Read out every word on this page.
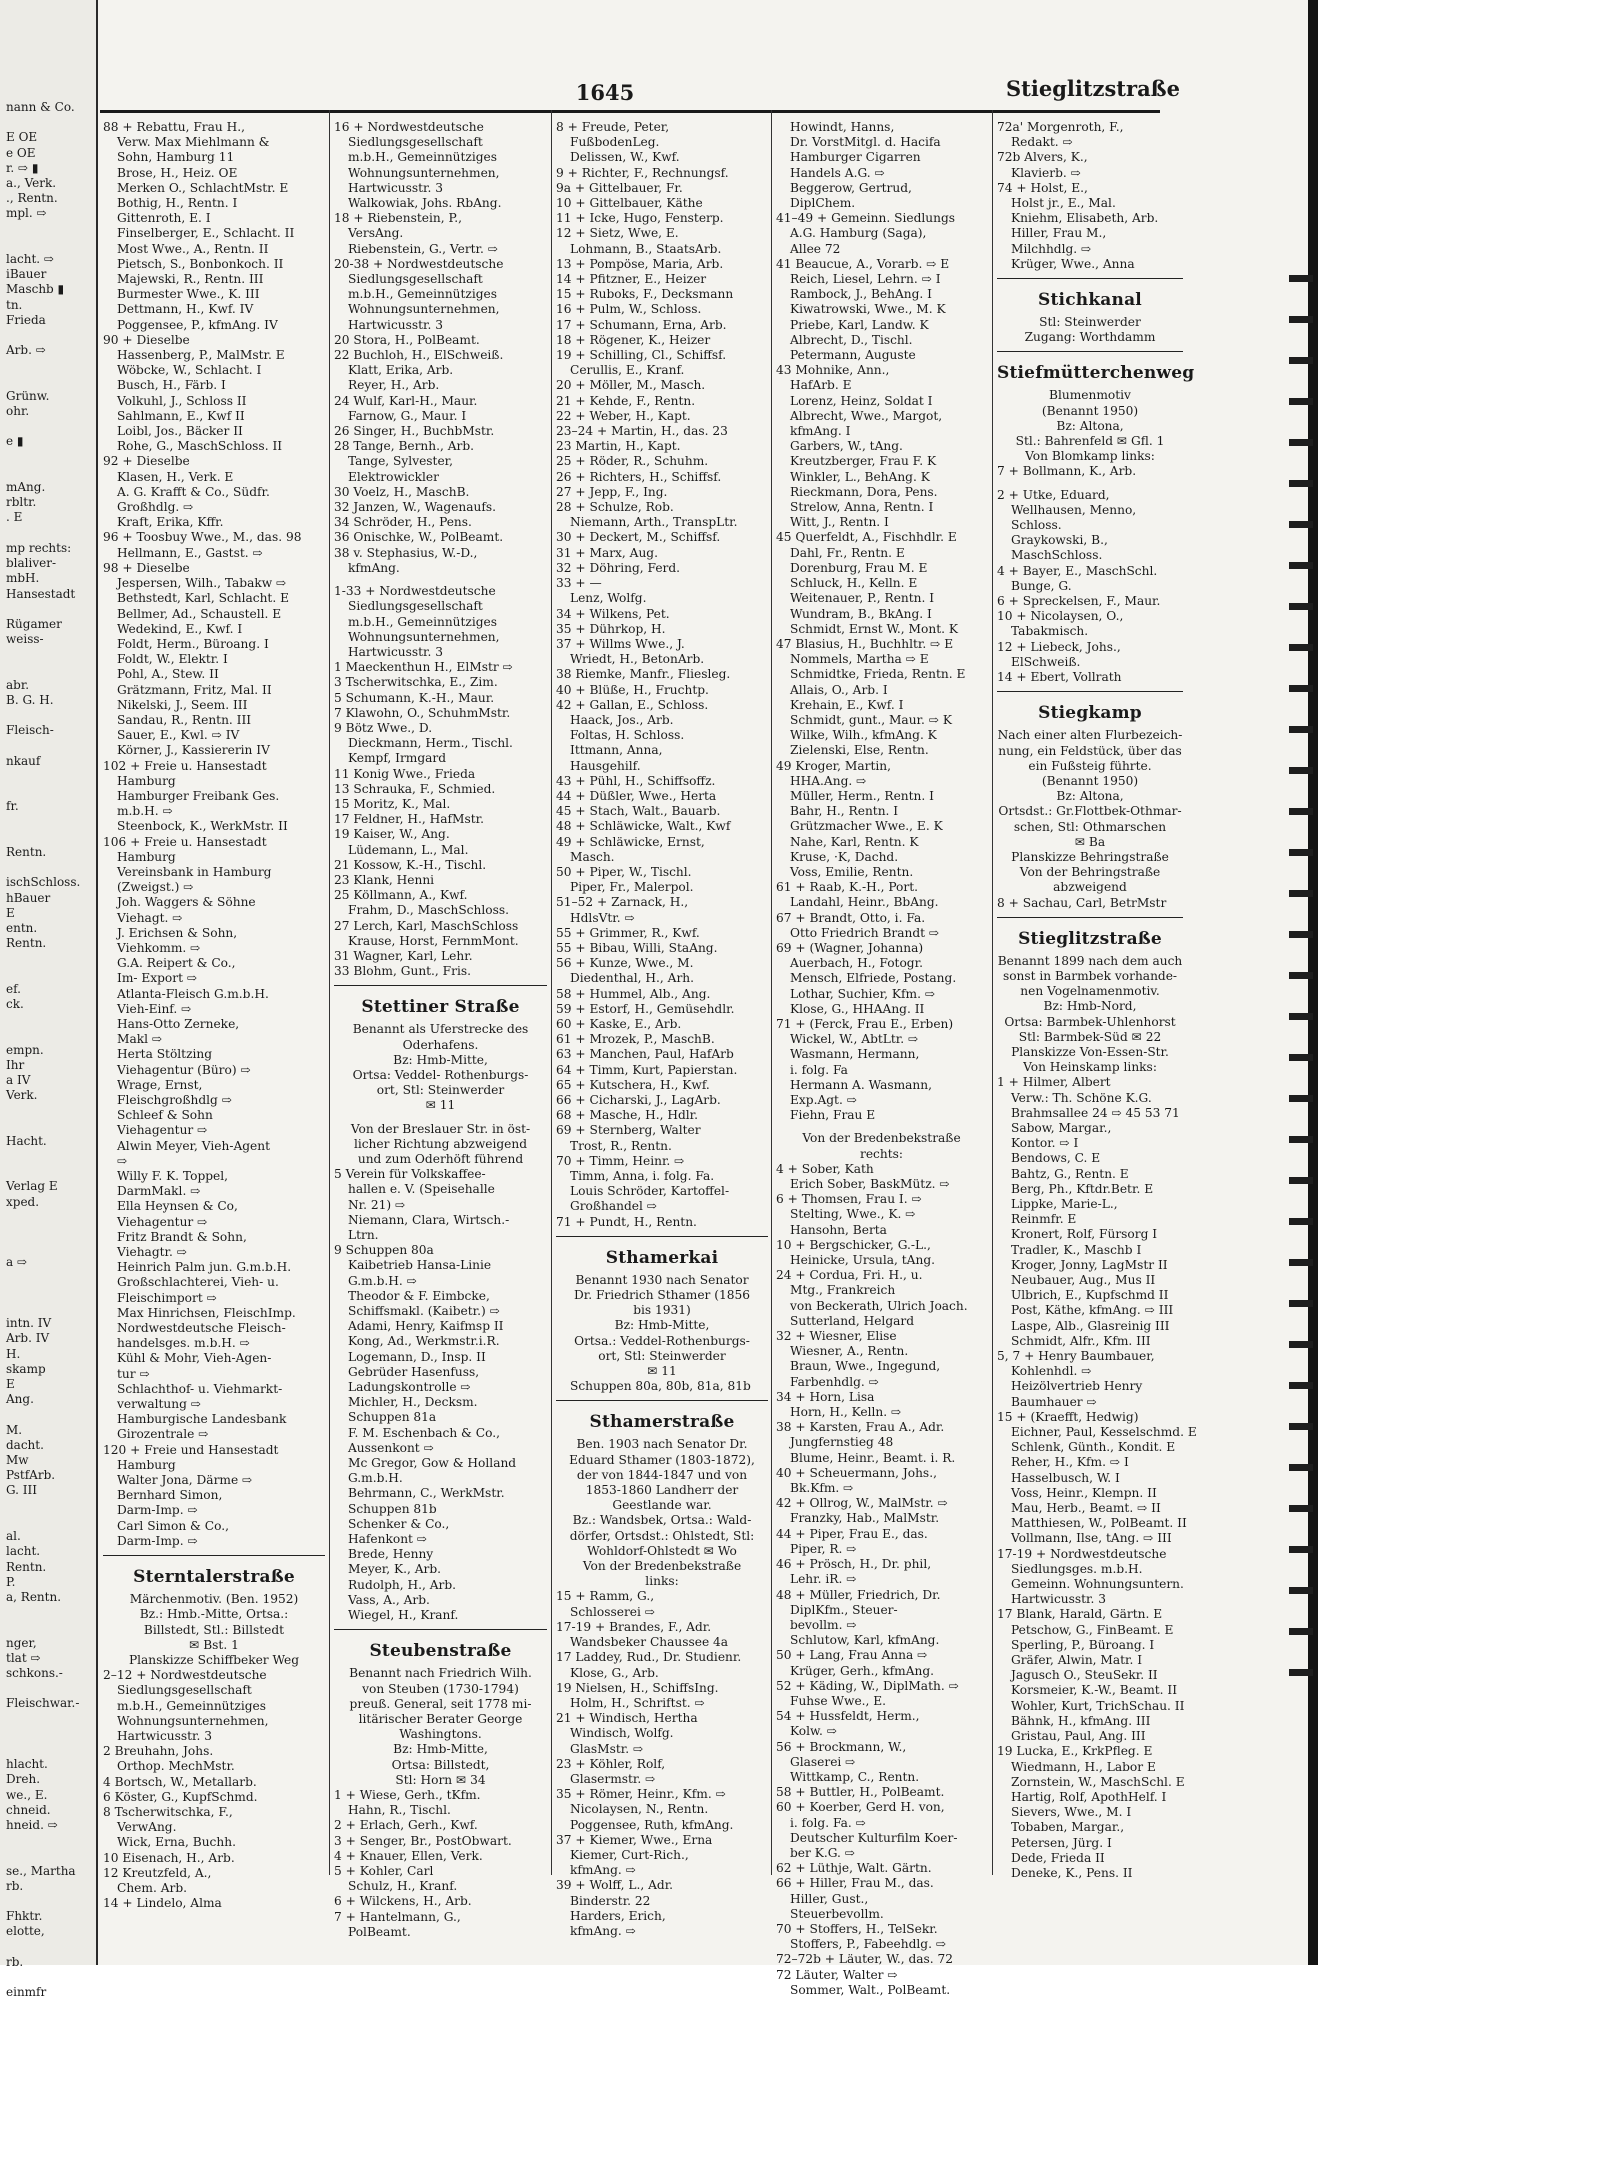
1645	Stieglitzstraße
nann & Co.

E OE
e OE
r. ⇨ ▮
a., Verk.
., Rentn.
mpl. ⇨

lacht. ⇨
iBauer
Maschb ▮
tn.
Frieda

Arb. ⇨

Grünw.
ohr.

e ▮

mAng.
rbltr.
. E

mp rechts:
blaliver-
mbH.
Hansestadt

Rügamer
weiss-

abr.
B. G. H.

Fleisch-

nkauf

fr.

Rentn.

ischSchloss.
hBauer
E
entn.
Rentn.

ef.
ck.

empn.
Ihr
a IV
Verk.

Hacht.

Verlag E
xped.

a ⇨

intn. IV
Arb. IV
H.
skamp
E
Ang.

M.
dacht.
Mw
PstfArb.
G. III

al.
lacht.
Rentn.
P.
a, Rentn.

nger,
tlat ⇨
schkons.-

Fleischwar.-

hlacht.
Dreh.
we., E.
chneid.
hneid. ⇨

se., Martha
rb.

Fhktr.
elotte,

rb.

einmfr
88 + Rebattu, Frau H.,
Verw. Max Miehlmann &
Sohn, Hamburg 11
Brose, H., Heiz. OE
Merken O., SchlachtMstr. E
Bothig, H., Rentn. I
Gittenroth, E. I
Finselberger, E., Schlacht. II
Most Wwe., A., Rentn. II
Pietsch, S., Bonbonkoch. II
Majewski, R., Rentn. III
Burmester Wwe., K. III
Dettmann, H., Kwf. IV
Poggensee, P., kfmAng. IV
90 + Dieselbe
Hassenberg, P., MalMstr. E
Wöbcke, W., Schlacht. I
Busch, H., Färb. I
Volkuhl, J., Schloss II
Sahlmann, E., Kwf II
Loibl, Jos., Bäcker II
Rohe, G., MaschSchloss. II
92 + Dieselbe
Klasen, H., Verk. E
A. G. Krafft & Co., Südfr.
Großhdlg. ⇨
Kraft, Erika, Kffr.
96 + Toosbuy Wwe., M., das. 98
Hellmann, E., Gastst. ⇨
98 + Dieselbe
Jespersen, Wilh., Tabakw ⇨
Bethstedt, Karl, Schlacht. E
Bellmer, Ad., Schaustell. E
Wedekind, E., Kwf. I
Foldt, Herm., Büroang. I
Foldt, W., Elektr. I
Pohl, A., Stew. II
Grätzmann, Fritz, Mal. II
Nikelski, J., Seem. III
Sandau, R., Rentn. III
Sauer, E., Kwl. ⇨ IV
Körner, J., Kassiererin IV
102 + Freie u. Hansestadt
Hamburg
Hamburger Freibank Ges.
m.b.H. ⇨
Steenbock, K., WerkMstr. II
106 + Freie u. Hansestadt
Hamburg
Vereinsbank in Hamburg
(Zweigst.) ⇨
Joh. Waggers & Söhne
Viehagt. ⇨
J. Erichsen & Sohn,
Viehkomm. ⇨
G.A. Reipert & Co.,
Im- Export ⇨
Atlanta-Fleisch G.m.b.H.
Vieh-Einf. ⇨
Hans-Otto Zerneke,
Makl ⇨
Herta Stöltzing
Viehagentur (Büro) ⇨
Wrage, Ernst,
Fleischgroßhdlg ⇨
Schleef & Sohn
Viehagentur ⇨
Alwin Meyer, Vieh-Agent
⇨
Willy F. K. Toppel,
DarmMakl. ⇨
Ella Heynsen & Co,
Viehagentur ⇨
Fritz Brandt & Sohn,
Viehagtr. ⇨
Heinrich Palm jun. G.m.b.H.
Großschlachterei, Vieh- u.
Fleischimport ⇨
Max Hinrichsen, FleischImp.
Nordwestdeutsche Fleisch-
handelsges. m.b.H. ⇨
Kühl & Mohr, Vieh-Agen-
tur ⇨
Schlachthof- u. Viehmarkt-
verwaltung ⇨
Hamburgische Landesbank
Girozentrale ⇨
120 + Freie und Hansestadt
Hamburg
Walter Jona, Därme ⇨
Bernhard Simon,
Darm-Imp. ⇨
Carl Simon & Co.,
Darm-Imp. ⇨
Sterntalerstraße
Märchenmotiv. (Ben. 1952)
Bz.: Hmb.-Mitte, Ortsa.:
Billstedt, Stl.: Billstedt
✉ Bst. 1
Planskizze Schiffbeker Weg
2–12 + Nordwestdeutsche
Siedlungsgesellschaft
m.b.H., Gemeinnütziges
Wohnungsunternehmen,
Hartwicusstr. 3
2 Breuhahn, Johs.
Orthop. MechMstr.
4 Bortsch, W., Metallarb.
6 Köster, G., KupfSchmd.
8 Tscherwitschka, F.,
VerwAng.
Wick, Erna, Buchh.
10 Eisenach, H., Arb.
12 Kreutzfeld, A.,
Chem. Arb.
14 + Lindelo, Alma
16 + Nordwestdeutsche
Siedlungsgesellschaft
m.b.H., Gemeinnütziges
Wohnungsunternehmen,
Hartwicusstr. 3
Walkowiak, Johs. RbAng.
18 + Riebenstein, P.,
VersAng.
Riebenstein, G., Vertr. ⇨
20-38 + Nordwestdeutsche
Siedlungsgesellschaft
m.b.H., Gemeinnütziges
Wohnungsunternehmen,
Hartwicusstr. 3
20 Stora, H., PolBeamt.
22 Buchloh, H., ElSchweiß.
Klatt, Erika, Arb.
Reyer, H., Arb.
24 Wulf, Karl-H., Maur.
Farnow, G., Maur. I
26 Singer, H., BuchbMstr.
28 Tange, Bernh., Arb.
Tange, Sylvester,
Elektrowickler
30 Voelz, H., MaschB.
32 Janzen, W., Wagenaufs.
34 Schröder, H., Pens.
36 Onischke, W., PolBeamt.
38 v. Stephasius, W.-D.,
kfmAng.
1-33 + Nordwestdeutsche
Siedlungsgesellschaft
m.b.H., Gemeinnütziges
Wohnungsunternehmen,
Hartwicusstr. 3
1 Maeckenthun H., ElMstr ⇨
3 Tscherwitschka, E., Zim.
5 Schumann, K.-H., Maur.
7 Klawohn, O., SchuhmMstr.
9 Bötz Wwe., D.
Dieckmann, Herm., Tischl.
Kempf, Irmgard
11 Konig Wwe., Frieda
13 Schrauka, F., Schmied.
15 Moritz, K., Mal.
17 Feldner, H., HafMstr.
19 Kaiser, W., Ang.
Lüdemann, L., Mal.
21 Kossow, K.-H., Tischl.
23 Klank, Henni
25 Köllmann, A., Kwf.
Frahm, D., MaschSchloss.
27 Lerch, Karl, MaschSchloss
Krause, Horst, FernmMont.
31 Wagner, Karl, Lehr.
33 Blohm, Gunt., Fris.
Stettiner Straße
Benannt als Uferstrecke des
Oderhafens.
Bz: Hmb-Mitte,
Ortsa: Veddel- Rothenburgs-
ort, Stl: Steinwerder
✉ 11
Von der Breslauer Str. in öst-
licher Richtung abzweigend
und zum Oderhöft führend
5 Verein für Volkskaffee-
hallen e. V. (Speisehalle
Nr. 21) ⇨
Niemann, Clara, Wirtsch.-
Ltrn.
9 Schuppen 80a
Kaibetrieb Hansa-Linie
G.m.b.H. ⇨
Theodor & F. Eimbcke,
Schiffsmakl. (Kaibetr.) ⇨
Adami, Henry, Kaifmsp II
Kong, Ad., Werkmstr.i.R.
Logemann, D., Insp. II
Gebrüder Hasenfuss,
Ladungskontrolle ⇨
Michler, H., Decksm.
Schuppen 81a
F. M. Eschenbach & Co.,
Aussenkont ⇨
Mc Gregor, Gow & Holland
G.m.b.H.
Behrmann, C., WerkMstr.
Schuppen 81b
Schenker & Co.,
Hafenkont ⇨
Brede, Henny
Meyer, K., Arb.
Rudolph, H., Arb.
Vass, A., Arb.
Wiegel, H., Kranf.
Steubenstraße
Benannt nach Friedrich Wilh.
von Steuben (1730-1794)
preuß. General, seit 1778 mi-
litärischer Berater George
Washingtons.
Bz: Hmb-Mitte,
Ortsa: Billstedt,
Stl: Horn ✉ 34
1 + Wiese, Gerh., tKfm.
Hahn, R., Tischl.
2 + Erlach, Gerh., Kwf.
3 + Senger, Br., PostObwart.
4 + Knauer, Ellen, Verk.
5 + Kohler, Carl
Schulz, H., Kranf.
6 + Wilckens, H., Arb.
7 + Hantelmann, G.,
PolBeamt.
8 + Freude, Peter,
FußbodenLeg.
Delissen, W., Kwf.
9 + Richter, F., Rechnungsf.
9a + Gittelbauer, Fr.
10 + Gittelbauer, Käthe
11 + Icke, Hugo, Fensterp.
12 + Sietz, Wwe, E.
Lohmann, B., StaatsArb.
13 + Pompöse, Maria, Arb.
14 + Pfitzner, E., Heizer
15 + Ruboks, F., Decksmann
16 + Pulm, W., Schloss.
17 + Schumann, Erna, Arb.
18 + Rögener, K., Heizer
19 + Schilling, Cl., Schiffsf.
Cerullis, E., Kranf.
20 + Möller, M., Masch.
21 + Kehde, F., Rentn.
22 + Weber, H., Kapt.
23–24 + Martin, H., das. 23
23 Martin, H., Kapt.
25 + Röder, R., Schuhm.
26 + Richters, H., Schiffsf.
27 + Jepp, F., Ing.
28 + Schulze, Rob.
Niemann, Arth., TranspLtr.
30 + Deckert, M., Schiffsf.
31 + Marx, Aug.
32 + Döhring, Ferd.
33 + —
Lenz, Wolfg.
34 + Wilkens, Pet.
35 + Dührkop, H.
37 + Willms Wwe., J.
Wriedt, H., BetonArb.
38 Riemke, Manfr., Fliesleg.
40 + Blüße, H., Fruchtp.
42 + Gallan, E., Schloss.
Haack, Jos., Arb.
Foltas, H. Schloss.
Ittmann, Anna,
Hausgehilf.
43 + Pühl, H., Schiffsoffz.
44 + Düßler, Wwe., Herta
45 + Stach, Walt., Bauarb.
48 + Schläwicke, Walt., Kwf
49 + Schläwicke, Ernst,
Masch.
50 + Piper, W., Tischl.
Piper, Fr., Malerpol.
51–52 + Zarnack, H.,
HdlsVtr. ⇨
55 + Grimmer, R., Kwf.
55 + Bibau, Willi, StaAng.
56 + Kunze, Wwe., M.
Diedenthal, H., Arh.
58 + Hummel, Alb., Ang.
59 + Estorf, H., Gemüsehdlr.
60 + Kaske, E., Arb.
61 + Mrozek, P., MaschB.
63 + Manchen, Paul, HafArb
64 + Timm, Kurt, Papierstan.
65 + Kutschera, H., Kwf.
66 + Cicharski, J., LagArb.
68 + Masche, H., Hdlr.
69 + Sternberg, Walter
Trost, R., Rentn.
70 + Timm, Heinr. ⇨
Timm, Anna, i. folg. Fa.
Louis Schröder, Kartoffel-
Großhandel ⇨
71 + Pundt, H., Rentn.
Sthamerkai
Benannt 1930 nach Senator
Dr. Friedrich Sthamer (1856
bis 1931)
Bz: Hmb-Mitte,
Ortsa.: Veddel-Rothenburgs-
ort, Stl: Steinwerder
✉ 11
Schuppen 80a, 80b, 81a, 81b
Sthamerstraße
Ben. 1903 nach Senator Dr.
Eduard Sthamer (1803-1872),
der von 1844-1847 und von
1853-1860 Landherr der
Geestlande war.
Bz.: Wandsbek, Ortsa.: Wald-
dörfer, Ortsdst.: Ohlstedt, Stl:
Wohldorf-Ohlstedt ✉ Wo
Von der Bredenbekstraße
links:
15 + Ramm, G.,
Schlosserei ⇨
17-19 + Brandes, F., Adr.
Wandsbeker Chaussee 4a
17 Laddey, Rud., Dr. Studienr.
Klose, G., Arb.
19 Nielsen, H., SchiffsIng.
Holm, H., Schriftst. ⇨
21 + Windisch, Hertha
Windisch, Wolfg.
GlasMstr. ⇨
23 + Köhler, Rolf,
Glasermstr. ⇨
35 + Römer, Heinr., Kfm. ⇨
Nicolaysen, N., Rentn.
Poggensee, Ruth, kfmAng.
37 + Kiemer, Wwe., Erna
Kiemer, Curt-Rich.,
kfmAng. ⇨
39 + Wolff, L., Adr.
Binderstr. 22
Harders, Erich,
kfmAng. ⇨
Howindt, Hanns,
Dr. VorstMitgl. d. Hacifa
Hamburger Cigarren
Handels A.G. ⇨
Beggerow, Gertrud,
DiplChem.
41–49 + Gemeinn. Siedlungs
A.G. Hamburg (Saga),
Allee 72
41 Beaucue, A., Vorarb. ⇨ E
Reich, Liesel, Lehrn. ⇨ I
Rambock, J., BehAng. I
Kiwatrowski, Wwe., M. K
Priebe, Karl, Landw. K
Albrecht, D., Tischl.
Petermann, Auguste
43 Mohnike, Ann.,
HafArb. E
Lorenz, Heinz, Soldat I
Albrecht, Wwe., Margot,
kfmAng. I
Garbers, W., tAng.
Kreutzberger, Frau F. K
Winkler, L., BehAng. K
Rieckmann, Dora, Pens.
Strelow, Anna, Rentn. I
Witt, J., Rentn. I
45 Querfeldt, A., Fischhdlr. E
Dahl, Fr., Rentn. E
Dorenburg, Frau M. E
Schluck, H., Kelln. E
Weitenauer, P., Rentn. I
Wundram, B., BkAng. I
Schmidt, Ernst W., Mont. K
47 Blasius, H., Buchhltr. ⇨ E
Nommels, Martha ⇨ E
Schmidtke, Frieda, Rentn. E
Allais, O., Arb. I
Krehain, E., Kwf. I
Schmidt, gunt., Maur. ⇨ K
Wilke, Wilh., kfmAng. K
Zielenski, Else, Rentn.
49 Kroger, Martin,
HHA.Ang. ⇨
Müller, Herm., Rentn. I
Bahr, H., Rentn. I
Grützmacher Wwe., E. K
Nahe, Karl, Rentn. K
Kruse, ·K, Dachd.
Voss, Emilie, Rentn.
61 + Raab, K.-H., Port.
Landahl, Heinr., BbAng.
67 + Brandt, Otto, i. Fa.
Otto Friedrich Brandt ⇨
69 + (Wagner, Johanna)
Auerbach, H., Fotogr.
Mensch, Elfriede, Postang.
Lothar, Suchier, Kfm. ⇨
Klose, G., HHAAng. II
71 + (Ferck, Frau E., Erben)
Wickel, W., AbtLtr. ⇨
Wasmann, Hermann,
i. folg. Fa
Hermann A. Wasmann,
Exp.Agt. ⇨
Fiehn, Frau E
Von der Bredenbekstraße
rechts:
4 + Sober, Kath
Erich Sober, BaskMütz. ⇨
6 + Thomsen, Frau I. ⇨
Stelting, Wwe., K. ⇨
Hansohn, Berta
10 + Bergschicker, G.-L.,
Heinicke, Ursula, tAng.
24 + Cordua, Fri. H., u.
Mtg., Frankreich
von Beckerath, Ulrich Joach.
Sutterland, Helgard
32 + Wiesner, Elise
Wiesner, A., Rentn.
Braun, Wwe., Ingegund,
Farbenhdlg. ⇨
34 + Horn, Lisa
Horn, H., Kelln. ⇨
38 + Karsten, Frau A., Adr.
Jungfernstieg 48
Blume, Heinr., Beamt. i. R.
40 + Scheuermann, Johs.,
Bk.Kfm. ⇨
42 + Ollrog, W., MalMstr. ⇨
Franzky, Hab., MalMstr.
44 + Piper, Frau E., das.
Piper, R. ⇨
46 + Prösch, H., Dr. phil,
Lehr. iR. ⇨
48 + Müller, Friedrich, Dr.
DiplKfm., Steuer-
bevollm. ⇨
Schlutow, Karl, kfmAng.
50 + Lang, Frau Anna ⇨
Krüger, Gerh., kfmAng.
52 + Käding, W., DiplMath. ⇨
Fuhse Wwe., E.
54 + Hussfeldt, Herm.,
Kolw. ⇨
56 + Brockmann, W.,
Glaserei ⇨
Wittkamp, C., Rentn.
58 + Buttler, H., PolBeamt.
60 + Koerber, Gerd H. von,
i. folg. Fa. ⇨
Deutscher Kulturfilm Koer-
ber K.G. ⇨
62 + Lüthje, Walt. Gärtn.
66 + Hiller, Frau M., das.
Hiller, Gust.,
Steuerbevollm.
70 + Stoffers, H., TelSekr.
Stoffers, P., Fabeehdlg. ⇨
72–72b + Läuter, W., das. 72
72 Läuter, Walter ⇨
Sommer, Walt., PolBeamt.
72a' Morgenroth, F.,
Redakt. ⇨
72b Alvers, K.,
Klavierb. ⇨
74 + Holst, E.,
Holst jr., E., Mal.
Kniehm, Elisabeth, Arb.
Hiller, Frau M.,
Milchhdlg. ⇨
Krüger, Wwe., Anna
Stichkanal
Stl: Steinwerder
Zugang: Worthdamm
Stiefmütterchenweg
Blumenmotiv
(Benannt 1950)
Bz: Altona,
Stl.: Bahrenfeld ✉ Gfl. 1
Von Blomkamp links:
7 + Bollmann, K., Arb.
2 + Utke, Eduard,
Wellhausen, Menno,
Schloss.
Graykowski, B.,
MaschSchloss.
4 + Bayer, E., MaschSchl.
Bunge, G.
6 + Spreckelsen, F., Maur.
10 + Nicolaysen, O.,
Tabakmisch.
12 + Liebeck, Johs.,
ElSchweiß.
14 + Ebert, Vollrath
Stiegkamp
Nach einer alten Flurbezeich-
nung, ein Feldstück, über das
ein Fußsteig führte.
(Benannt 1950)
Bz: Altona,
Ortsdst.: Gr.Flottbek-Othmar-
schen, Stl: Othmarschen
✉ Ba
Planskizze Behringstraße
Von der Behringstraße
abzweigend
8 + Sachau, Carl, BetrMstr
Stieglitzstraße
Benannt 1899 nach dem auch
sonst in Barmbek vorhande-
nen Vogelnamenmotiv.
Bz: Hmb-Nord,
Ortsa: Barmbek-Uhlenhorst
Stl: Barmbek-Süd ✉ 22
Planskizze Von-Essen-Str.
Von Heinskamp links:
1 + Hilmer, Albert
Verw.: Th. Schöne K.G.
Brahmsallee 24 ⇨ 45 53 71
Sabow, Margar.,
Kontor. ⇨ I
Bendows, C. E
Bahtz, G., Rentn. E
Berg, Ph., Kftdr.Betr. E
Lippke, Marie-L.,
Reinmfr. E
Kronert, Rolf, Fürsorg I
Tradler, K., Maschb I
Kroger, Jonny, LagMstr II
Neubauer, Aug., Mus II
Ulbrich, E., Kupfschmd II
Post, Käthe, kfmAng. ⇨ III
Laspe, Alb., Glasreinig III
Schmidt, Alfr., Kfm. III
5, 7 + Henry Baumbauer,
Kohlenhdl. ⇨
Heizölvertrieb Henry
Baumhauer ⇨
15 + (Kraefft, Hedwig)
Eichner, Paul, Kesselschmd. E
Schlenk, Günth., Kondit. E
Reher, H., Kfm. ⇨ I
Hasselbusch, W. I
Voss, Heinr., Klempn. II
Mau, Herb., Beamt. ⇨ II
Matthiesen, W., PolBeamt. II
Vollmann, Ilse, tAng. ⇨ III
17-19 + Nordwestdeutsche
Siedlungsges. m.b.H.
Gemeinn. Wohnungsuntern.
Hartwicusstr. 3
17 Blank, Harald, Gärtn. E
Petschow, G., FinBeamt. E
Sperling, P., Büroang. I
Gräfer, Alwin, Matr. I
Jagusch O., SteuSekr. II
Korsmeier, K.-W., Beamt. II
Wohler, Kurt, TrichSchau. II
Bähnk, H., kfmAng. III
Gristau, Paul, Ang. III
19 Lucka, E., KrkPfleg. E
Wiedmann, H., Labor E
Zornstein, W., MaschSchl. E
Hartig, Rolf, ApothHelf. I
Sievers, Wwe., M. I
Tobaben, Margar.,
Petersen, Jürg. I
Dede, Frieda II
Deneke, K., Pens. II
